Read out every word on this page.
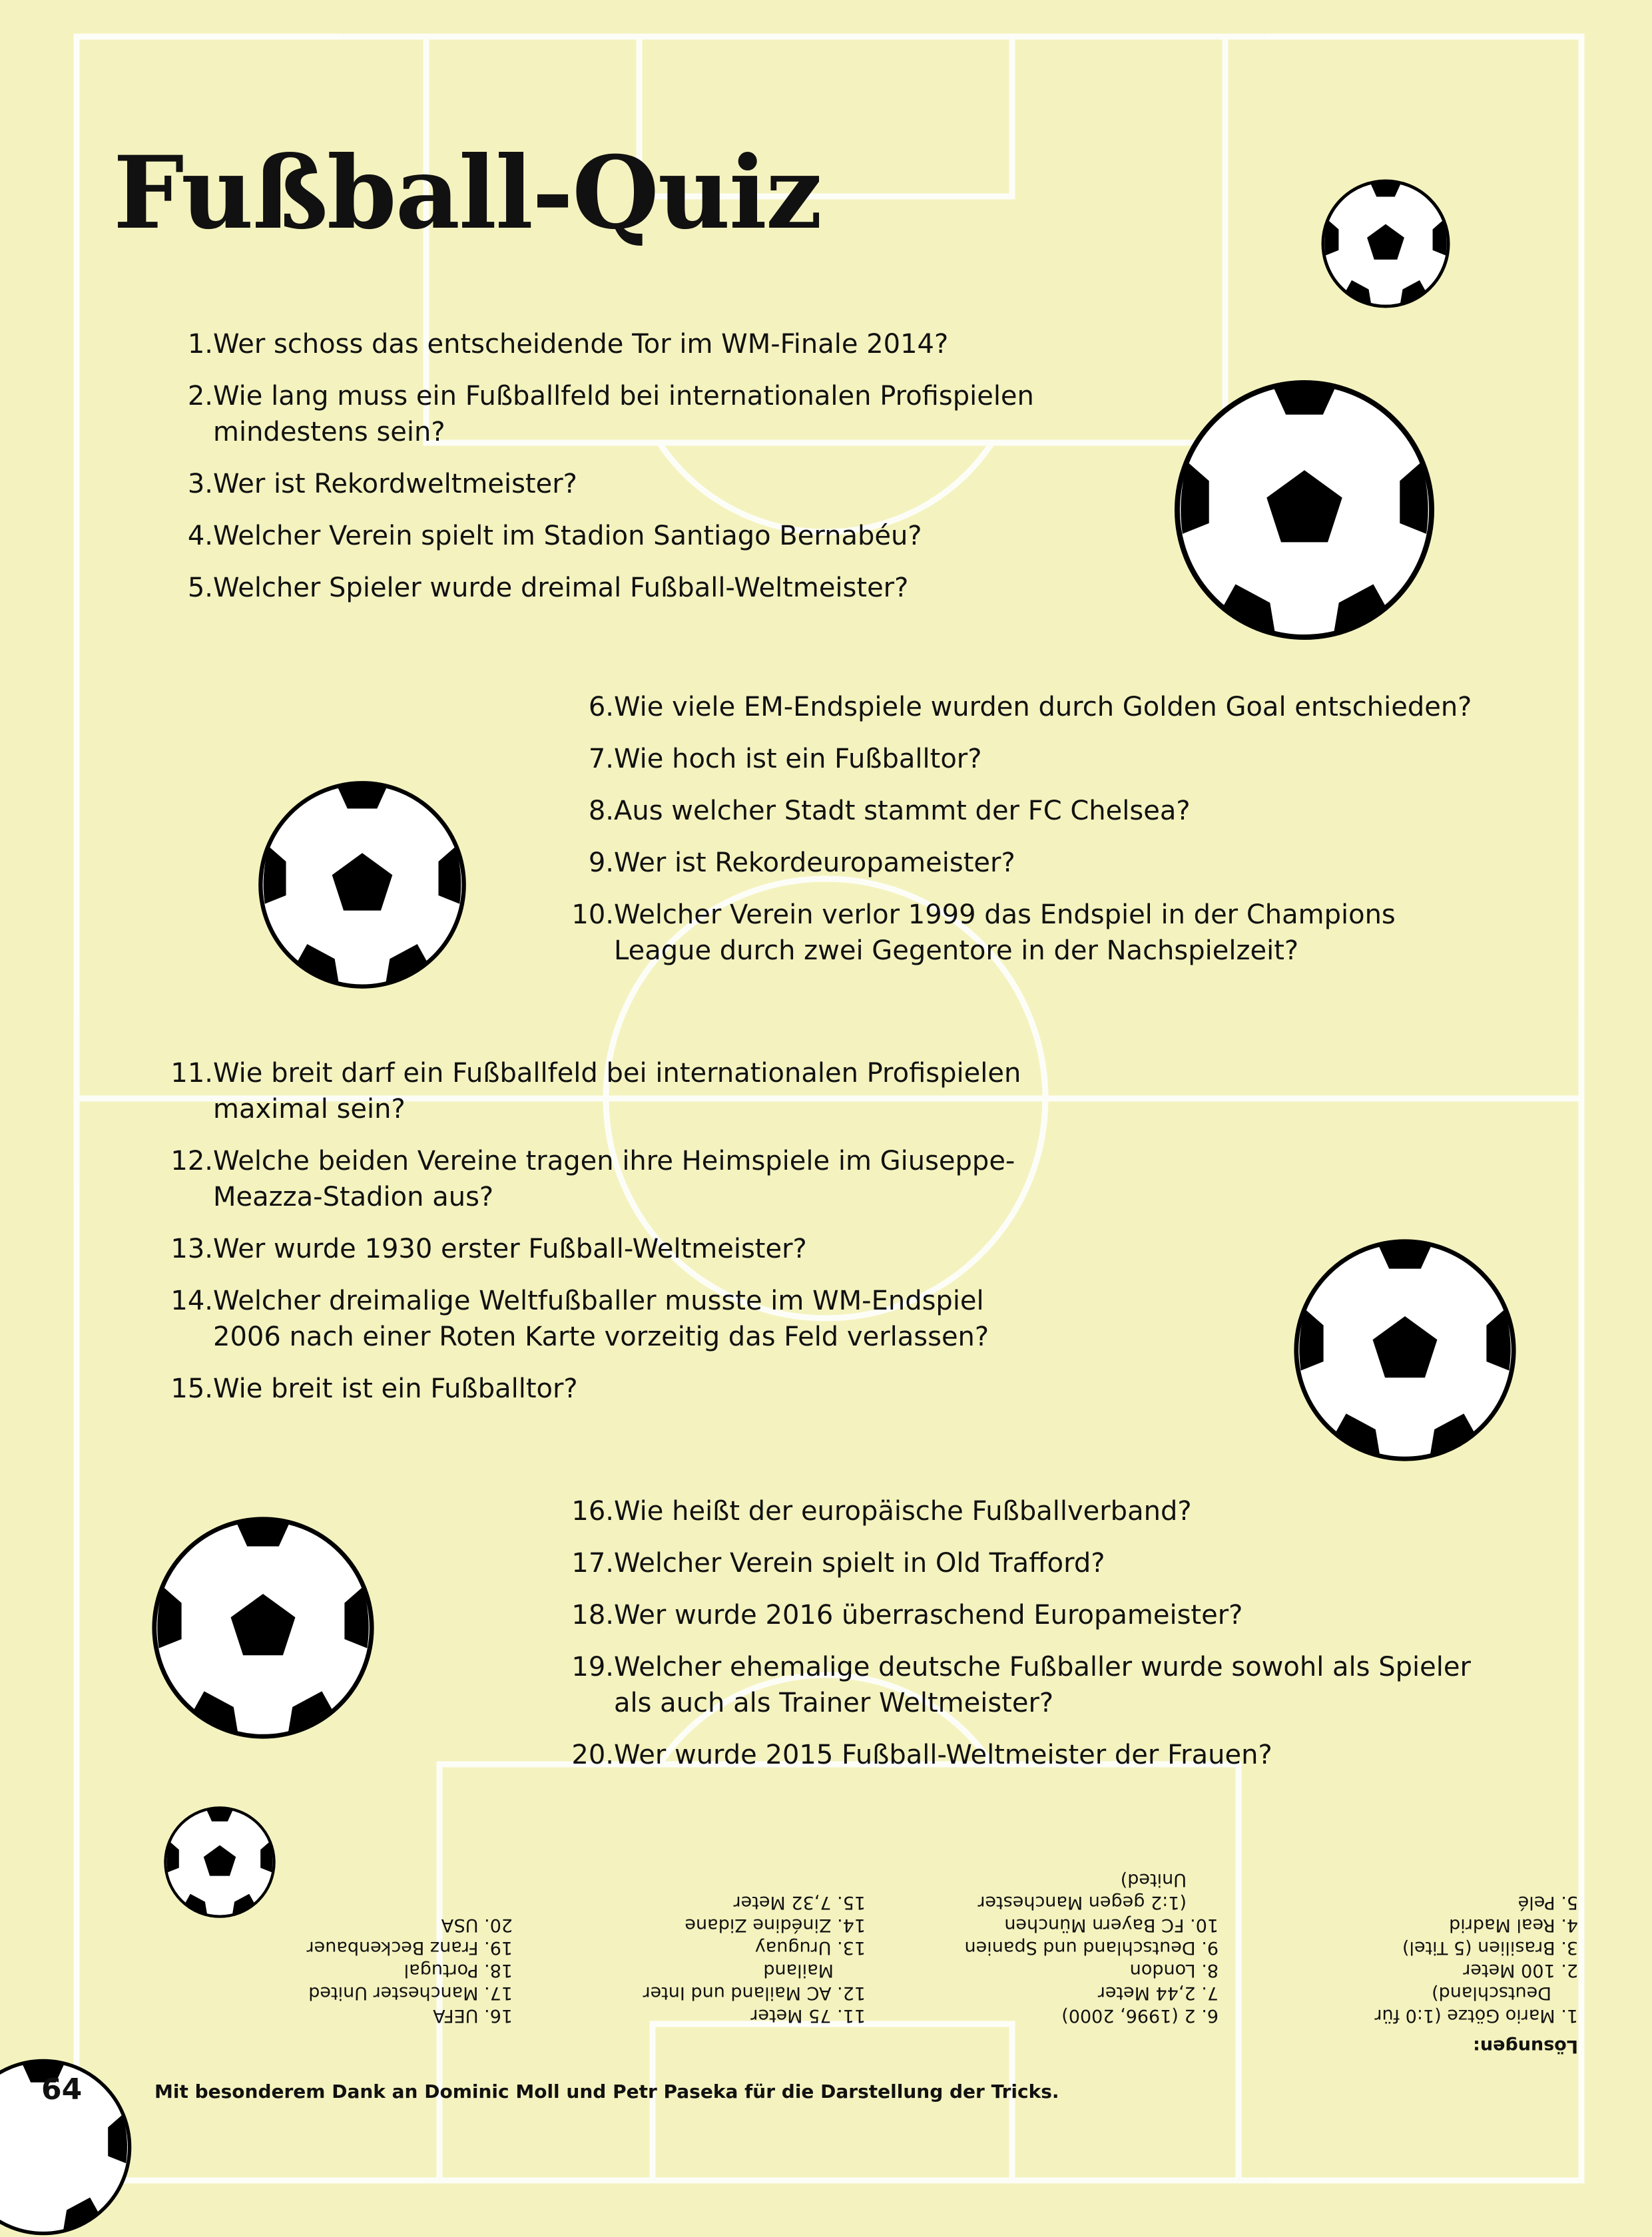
Fußball-Quiz
1. Wer schoss das entscheidende Tor im WM-Finale 2014?
2. Wie lang muss ein Fußballfeld bei internationalen Profispielen mindestens sein?
3. Wer ist Rekordweltmeister?
4. Welcher Verein spielt im Stadion Santiago Bernabéu?
5. Welcher Spieler wurde dreimal Fußball-Weltmeister?
6. Wie viele EM-Endspiele wurden durch Golden Goal entschieden?
7. Wie hoch ist ein Fußballtor?
8. Aus welcher Stadt stammt der FC Chelsea?
9. Wer ist Rekordeuropameister?
10. Welcher Verein verlor 1999 das Endspiel in der Champions League durch zwei Gegentore in der Nachspielzeit?
11. Wie breit darf ein Fußballfeld bei internationalen Profispielen maximal sein?
12. Welche beiden Vereine tragen ihre Heimspiele im Giuseppe-Meazza-Stadion aus?
13. Wer wurde 1930 erster Fußball-Weltmeister?
14. Welcher dreimalige Weltfußballer musste im WM-Endspiel 2006 nach einer Roten Karte vorzeitig das Feld verlassen?
15. Wie breit ist ein Fußballtor?
16. Wie heißt der europäische Fußballverband?
17. Welcher Verein spielt in Old Trafford?
18. Wer wurde 2016 überraschend Europameister?
19. Welcher ehemalige deutsche Fußballer wurde sowohl als Spieler als auch als Trainer Weltmeister?
20. Wer wurde 2015 Fußball-Weltmeister der Frauen?
Lösungen:
1. Mario Götze (1:0 für
Deutschland)
2. 100 Meter
3. Brasilien (5 Titel)
4. Real Madrid
5. Pelé
6. 2 (1996, 2000)
7. 2,44 Meter
8. London
9. Deutschland und Spanien
10. FC Bayern München
(1:2 gegen Manchester
United)
11. 75 Meter
12. AC Mailand und Inter
Mailand
13. Uruguay
14. Zinédine Zidane
15. 7,32 Meter
16. UEFA
17. Manchester United
18. Portugal
19. Franz Beckenbauer
20. USA
Mit besonderem Dank an Dominic Moll und Petr Paseka für die Darstellung der Tricks.
64
